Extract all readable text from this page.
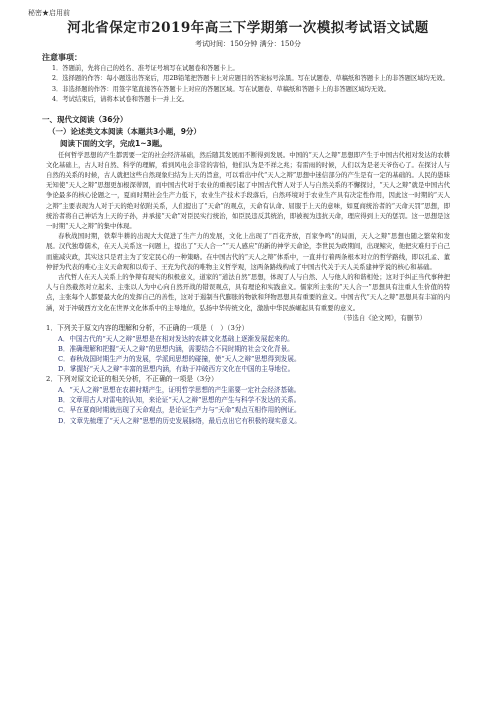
秘密★启用前
河北省保定市2019年高三下学期第一次模拟考试语文试题
考试时间：150分钟 满分：150分
注意事项：

1．答题前，先将自己的姓名、准考证号填写在试题卷和答题卡上。

2．选择题的作答：每小题选出答案后，用2B铅笔把答题卡上对应题目的答案标号涂黑。写在试题卷、草稿纸和答题卡上的非答题区域均无效。

3．非选择题的作答：用签字笔直接答在答题卡上对应的答题区域。写在试题卷、草稿纸和答题卡上的非答题区域均无效。

4．考试结束后，请将本试卷和答题卡一并上交。

一、现代文阅读（36分）
（一）论述类文本阅读（本题共3小题，9分）
阅读下面的文字，完成1~3题。

任何哲学思想的产生都需要一定的社会经济基础，然后随其发展而不断得到发展。中国的“天人之辩”思想即产生于中国古代相对发达的农耕文化基础上，古人对自然、科学的理解，看到风电会非常的害怕，他们认为是不祥之兆；有雷雨的时候，人们以为是老天爷伤心了。在探讨人与自然的关系的时候，古人就把这些自然现象归结为上天的旨意，可以看出中代“天人之辩”思想中迷信部分的产生是有一定的基础的。人民的愚昧无知使“天人之辩”思想更加根深蒂固，而中国古代对于农业的重视引起了中国古代哲人对于人与自然关系的不懈探讨，“天人之辩”就是中国古代争论最多的核心论题之一，夏商时期社会生产力低下，农业生产技术手段落后，自然环境对于农业生产具有决定性作用，因此这一时期的“天人之辩”主要表现为人对于天的绝对依附关系，人们提出了“天命”的观点，天命有认命、屈服于上天的意味，如夏商统治者的“天命天罚”思想，即统治者将自己神话为上天的子孙，并承接“天命”对臣民实行统治，如臣民违反其统治，即被视为违抗天命，理应得到上天的惩罚。这一思想是这一时期“天人之辩”的集中体现。

春秋战国时期，铁犁牛耕的出现大大促进了生产力的发展，文化上出现了“百花齐放，百家争鸣”的局面，天人之辩”思想也随之繁荣和发展。汉代独尊儒术，在天人关系这一问题上，提出了“天人合一”“天人感应”的新的神学天命论，李世民为政期间，出现鲸灾，他把灾难归于自己而施减灾政，其实这只是君主为了安定民心的一种策略。在中国古代的“天人之辩”体系中，一直并行着两条根本对立的哲学路线，即以孔孟、董仲舒为代表的唯心主义天命观和以荀子、王充为代表的唯物主义哲学观，这两条路线构成了中国古代关于天人关系建神学说的核心和基础。

古代哲人在天人关系上的争辩有现实的积极意义，道家的“道法自然”思想，体现了人与自然、人与他人的和谐相处；这对于纠正当代事种把人与自然截然对立起来、主张以人为中心向自然开战的错误观点，具有理论和实践意义。儒家所主张的“天人合一”思想具有注重人生价值的特点，主张每个人都要最大化的发挥自己的善性，这对于遏制当代膨胀的物欲和拜物思想具有重要的意义。中国古代“天人之辩”思想具有丰富的内涵，对于冲破西方文化在世界文化体系中的主导地位，弘扬中华传统文化，激励中华民族崛起具有重要的意义。

（节选自《论文网》，有删节）

1．下列关于原文内容的理解和分析，不正确的一项是（　）（3分）

A．中国古代的“天人之辩”思想是在相对发达的农耕文化基础上逐渐发展起来的。

B．准确理解和把握“天人之辩”的思想内涵，需要结合不同时期的社会文化背景。

C．春秋战国时期生产力的发展，学派间思想的碰撞，使“天人之辩”思想得到发展。

D．掌握好“天人之辩”丰富的思想内涵，有助于冲破西方文化在中国的主导地位。

2．下列对原文论证的相关分析，不正确的一项是（3分）

A．“天人之辩”思想在农耕时期产生，证明哲学思想的产生需要一定社会经济基础。

B．文章用古人对雷电的认知，来论证“天人之辩”思想的产生与科学不发达的关系。

C．早在夏商时期就出现了天命观点，是论证生产力与“天命”观点互相作用的例证。

D．文章先梳理了“天人之辩”思想的历史发展脉络，最后点出它有积极的现实意义。
